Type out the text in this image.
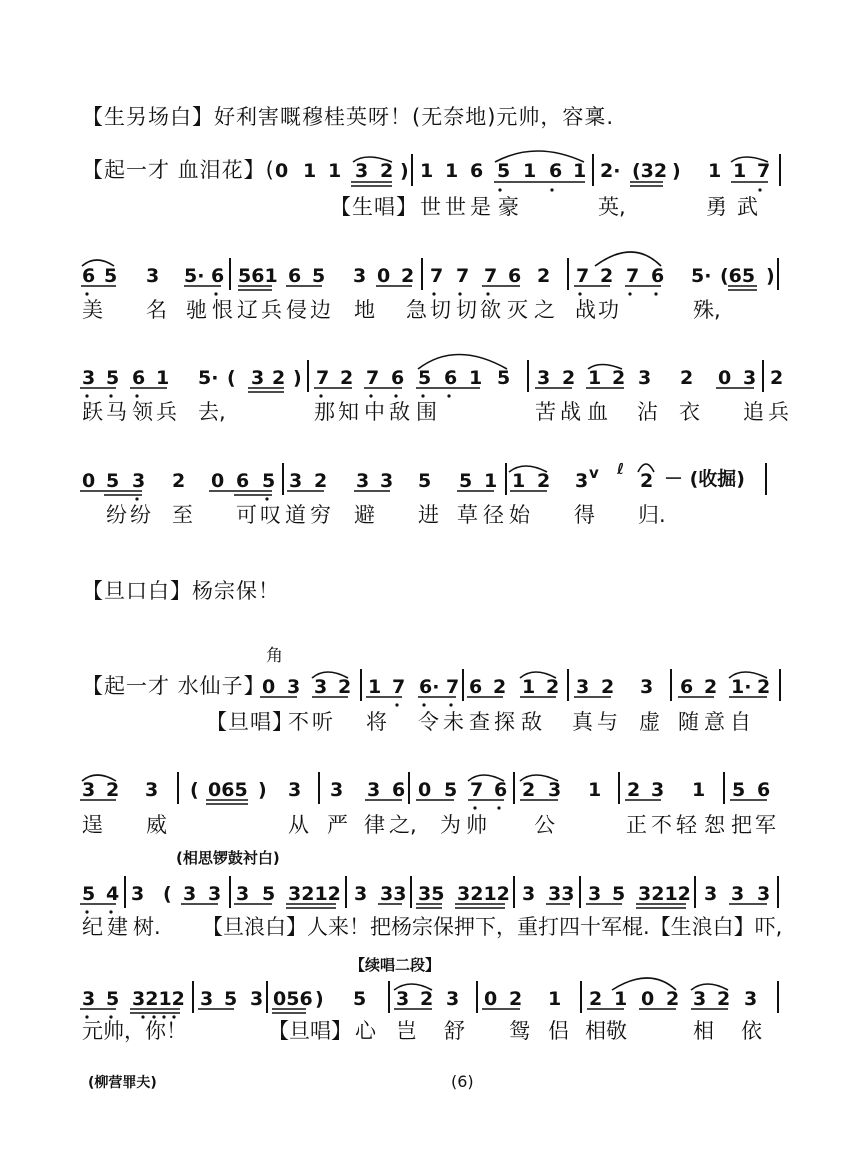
【生另场白】好利害嘅穆桂英呀！(无奈地)元帅，容稟.
【起一才 血泪花】( 0 1 1 3 2 ) 1 1 6 5 1 6 1 2· (32 ) 1 1 7
【生唱】 世 世 是 豪	英,	勇 武
6 5 3 5· 6 561 6 5 3 0 2 7 7 7 6 2 7 2 7 6 5· (65 )
美 名 驰 恨 辽 兵 侵 边 地 急 切 切 欲 灭 之 战 功	殊,
3 5 6 1 5· ( 3 2 ) 7 2 7 6 5 6 1 5 3 2 1 2 3 2 0 3 2
跃 马 领 兵 去,	那 知 中 敌 围	苦 战 血 沾 衣 追 兵
0 5 3 2 0 6 5 3 2 3 3 5 5 1 1 2 3	2
v ℓ － (收掘)
纷 纷 至 可 叹 道 穷 避 进 草 径 始 得 归.
【旦口白】杨宗保！
角
【起一才 水仙子】
0 3 3 2 1 7 6· 7 6 2 1 2 3 2 3 6 2 1· 2
【旦唱】
不 听 将 令 未 查 探 敌 真 与 虚 随 意 自
3 2 3 ( 065 ) 3 3 3 6 0 5 7 6 2 3 1 2 3 1 5 6
逞 威	从 严 律 之, 为 帅 公	正 不 轻 恕 把 军
(相思锣鼓衬白)
5 4 3 ( 3 3 3 5 3212 3 33 35 3212 3 33 3 5 3212 3 3 3
纪 建 树.
【续唱二段】
3 5 3212 3 5 3 056 ) 5 3 2 3 0 2 1 2 1 0 2 3 2 3
元帅，你！	【旦唱】 心 岂 舒 鸳 侣 相敬	相 依
(柳营罪夫)	(6)
【旦浪白】人来！把杨宗保押下，重打四十军棍.【生浪白】吓,
